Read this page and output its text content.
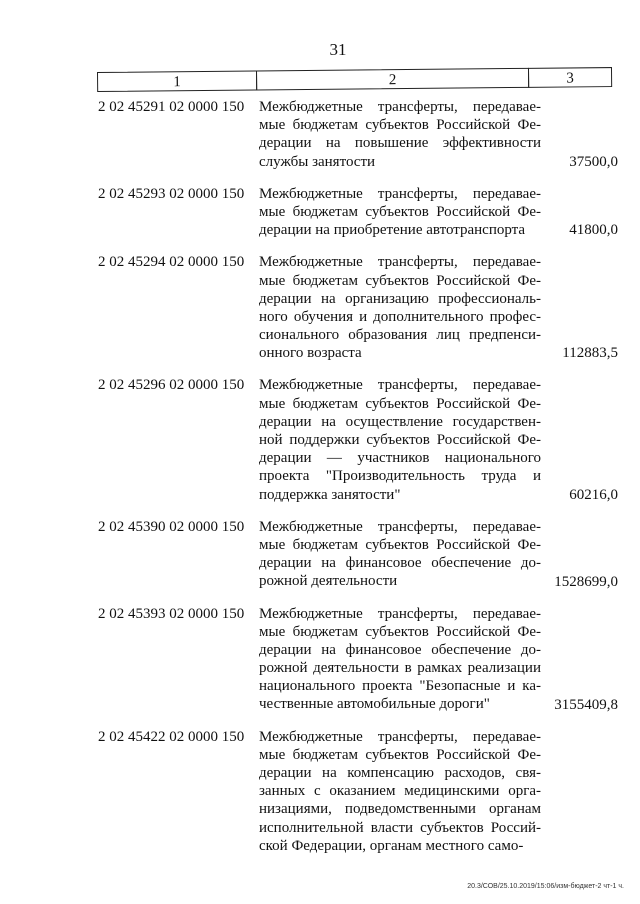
31
1	2	3
2 02 45291 02 0000 150 Межбюджетные трансферты, передавае-
мые бюджетам субъектов Российской Фе-
дерации на повышение эффективности
службы занятости	37500,0
2 02 45293 02 0000 150 Межбюджетные трансферты, передавае-
мые бюджетам субъектов Российской Фе-
дерации на приобретение автотранспорта	41800,0
2 02 45294 02 0000 150 Межбюджетные трансферты, передавае-
мые бюджетам субъектов Российской Фе-
дерации на организацию профессиональ-
ного обучения и дополнительного профес-
сионального образования лиц предпенси-
онного возраста	112883,5
2 02 45296 02 0000 150 Межбюджетные трансферты, передавае-
мые бюджетам субъектов Российской Фе-
дерации на осуществление государствен-
ной поддержки субъектов Российской Фе-
дерации — участников национального
проекта "Производительность труда и
поддержка занятости"	60216,0
2 02 45390 02 0000 150 Межбюджетные трансферты, передавае-
мые бюджетам субъектов Российской Фе-
дерации на финансовое обеспечение до-
рожной деятельности	1528699,0
2 02 45393 02 0000 150 Межбюджетные трансферты, передавае-
мые бюджетам субъектов Российской Фе-
дерации на финансовое обеспечение до-
рожной деятельности в рамках реализации
национального проекта "Безопасные и ка-
чественные автомобильные дороги"	3155409,8
2 02 45422 02 0000 150 Межбюджетные трансферты, передавае-
мые бюджетам субъектов Российской Фе-
дерации на компенсацию расходов, свя-
занных с оказанием медицинскими орга-
низациями, подведомственными органам
исполнительной власти субъектов Россий-
ской Федерации, органам местного само-
20.3/СОВ/25.10.2019/15:06/изм-бюджет-2 чт-1 ч.
